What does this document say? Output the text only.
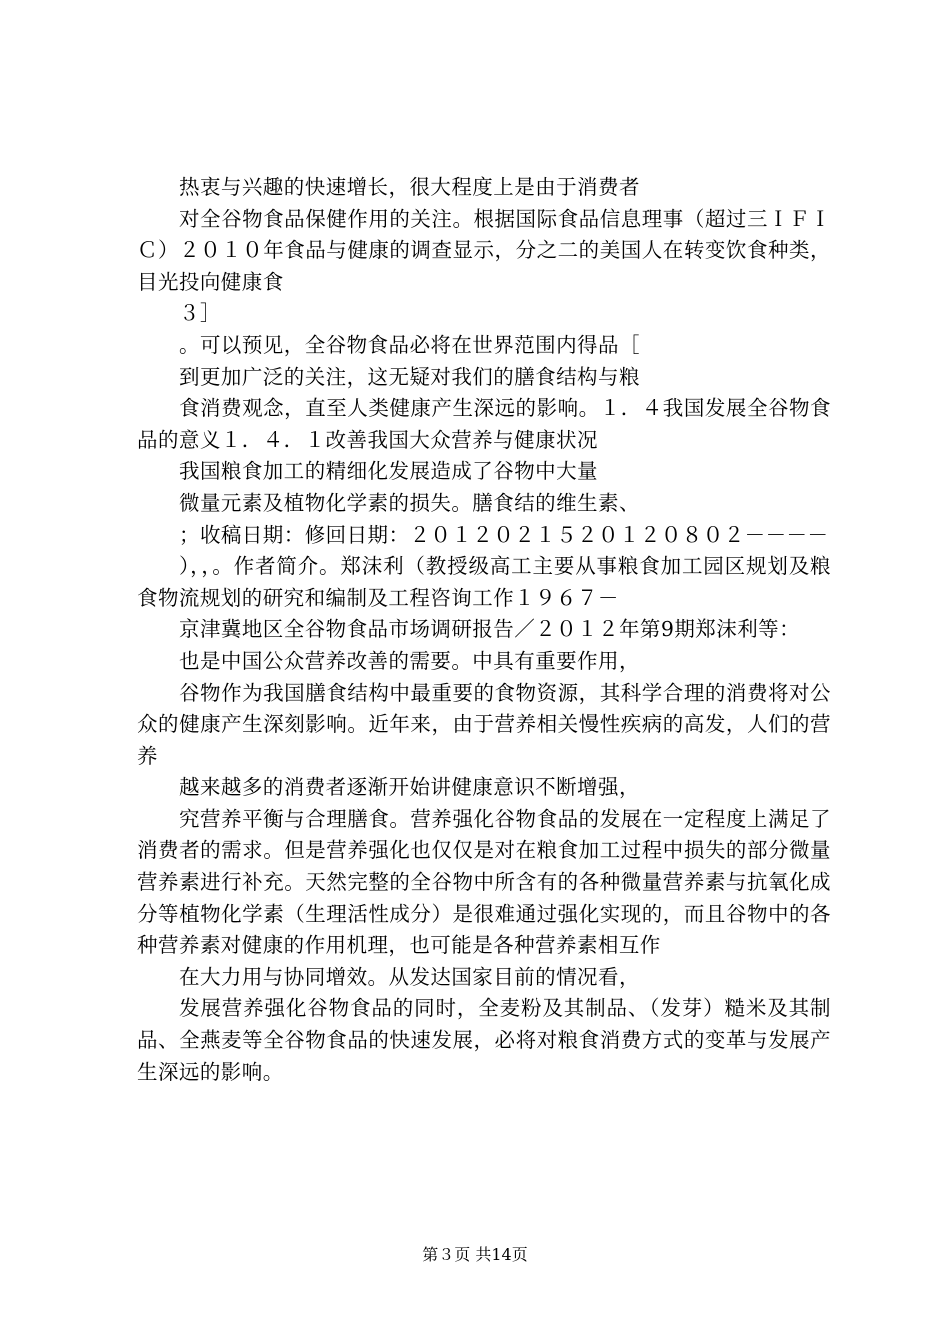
热衷与兴趣的快速增长，很大程度上是由于消费者

对全谷物食品保健作用的关注。根据国际食品信息理事（超过三ＩＦＩＣ）２０１０年食品与健康的调查显示，分之二的美国人在转变饮食种类，目光投向健康食

３］

。可以预见，全谷物食品必将在世界范围内得品［

到更加广泛的关注，这无疑对我们的膳食结构与粮

食消费观念，直至人类健康产生深远的影响。１．４我国发展全谷物食品的意义１．４．１改善我国大众营养与健康状况

我国粮食加工的精细化发展造成了谷物中大量

微量元素及植物化学素的损失。膳食结的维生素、

；收稿日期：修回日期：２０１２０２１５２０１２０８０２－－－－

），，。作者简介。郑沫利（教授级高工主要从事粮食加工园区规划及粮食物流规划的研究和编制及工程咨询工作１９６７－

京津冀地区全谷物食品市场调研报告／２０１２年第9期郑沫利等：

也是中国公众营养改善的需要。中具有重要作用，

谷物作为我国膳食结构中最重要的食物资源，其科学合理的消费将对公众的健康产生深刻影响。近年来，由于营养相关慢性疾病的高发，人们的营养

越来越多的消费者逐渐开始讲健康意识不断增强，

究营养平衡与合理膳食。营养强化谷物食品的发展在一定程度上满足了消费者的需求。但是营养强化也仅仅是对在粮食加工过程中损失的部分微量营养素进行补充。天然完整的全谷物中所含有的各种微量营养素与抗氧化成分等植物化学素（生理活性成分）是很难通过强化实现的，而且谷物中的各种营养素对健康的作用机理，也可能是各种营养素相互作

在大力用与协同增效。从发达国家目前的情况看，

发展营养强化谷物食品的同时，全麦粉及其制品、（发芽）糙米及其制品、全燕麦等全谷物食品的快速发展，必将对粮食消费方式的变革与发展产生深远的影响。

第３页 共14页
